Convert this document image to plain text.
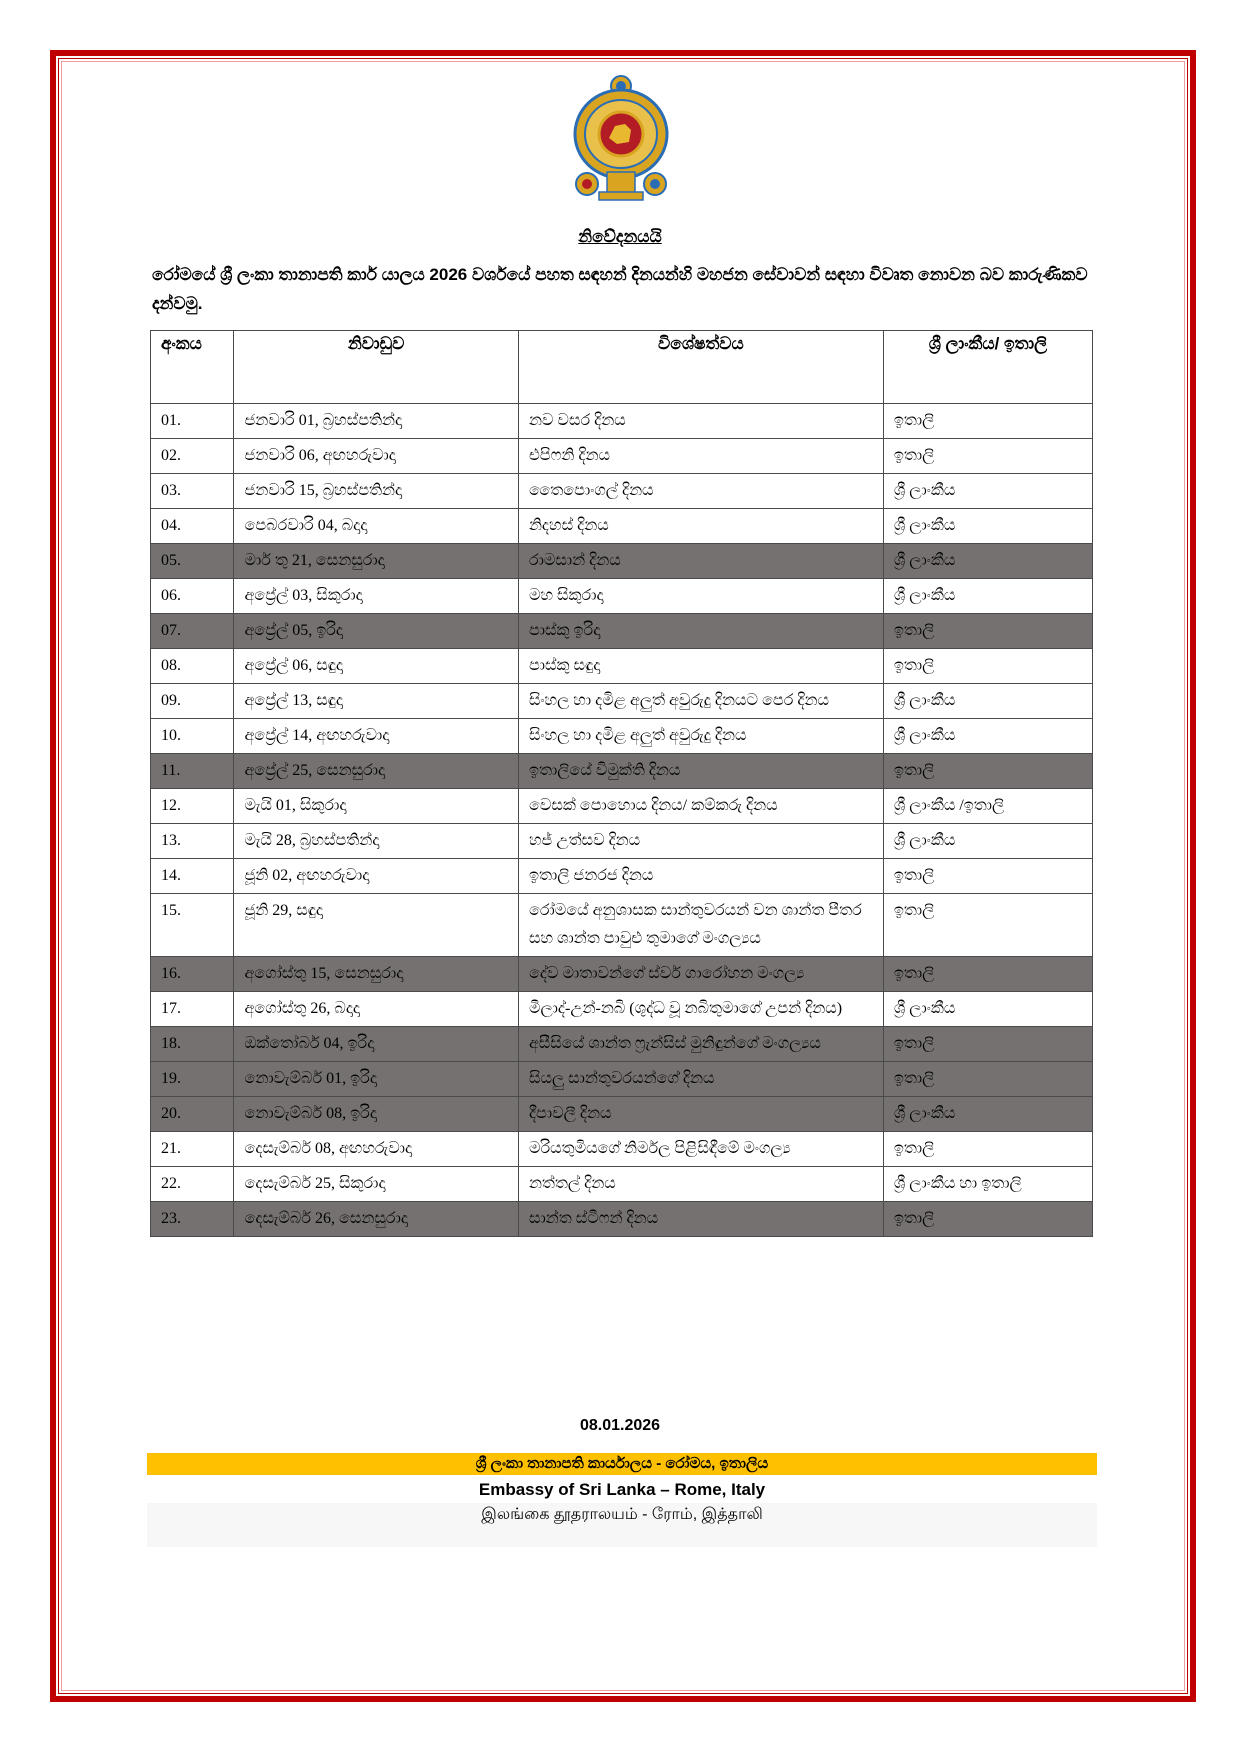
නිවේදනයයි
රෝමයේ ශ්‍රී ලංකා තානාපති කාර් යාලය 2026 වර්ශයේ පහත සඳහන් දිනයන්හි මහජන සේවාවන් සඳහා විවෘත නොවන බව කාරුණිකව දන්වමු.
අංකය	නිවාඩුව	විශේෂත්වය	ශ්‍රී ලාංකීය/ ඉතාලි
01.	ජනවාරි 01, බ්‍රහස්පතින්දා	නව වසර දිනය	ඉතාලි
02.	ජනවාරි 06, අඟහරුවාදා	එපිෆනි දිනය	ඉතාලි
03.	ජනවාරි 15, බ්‍රහස්පතින්දා	තෛපොංගල් දිනය	ශ්‍රී ලාංකීය
04.	පෙබරවාරි 04, බදාදා	නිදහස් දිනය	ශ්‍රී ලාංකීය
05.	මාර් තු 21, සෙනසුරාදා	රාමසාන් දිනය	ශ්‍රී ලාංකීය
06.	අප්‍රේල් 03, සිකුරාදා	මහ සිකුරාදා	ශ්‍රී ලාංකීය
07.	අප්‍රේල් 05, ඉරිදා	පාස්කු ඉරිදා	ඉතාලි
08.	අප්‍රේල් 06, සඳුදා	පාස්කු සඳුදා	ඉතාලි
09.	අප්‍රේල් 13, සඳුදා	සිංහල හා දමිළ අලුත් අවුරුදු දිනයට පෙර දිනය	ශ්‍රී ලාංකීය
10.	අප්‍රේල් 14, අඟහරුවාදා	සිංහල හා දමිළ අලුත් අවුරුදු දිනය	ශ්‍රී ලාංකීය
11.	අප්‍රේල් 25, සෙනසුරාදා	ඉතාලියේ විමුක්ති දිනය	ඉතාලි
12.	මැයි 01, සිකුරාදා	වෙසක් පොහොය දිනය/ කම්කරු දිනය	ශ්‍රී ලාංකීය /ඉතාලි
13.	මැයි 28, බ්‍රහස්පතින්දා	හජ් උත්සව දිනය	ශ්‍රී ලාංකීය
14.	ජූනි 02, අඟහරුවාදා	ඉතාලි ජනරජ දිනය	ඉතාලි
15.	ජූනි 29, සඳුදා	රෝමයේ අනුශාසක සාන්තුවරයන් වන ශාන්ත පීතර සහ ශාන්ත පාවුළු තුමාගේ මංගල්‍යය	ඉතාලි
16.	අගෝස්තු 15, සෙනසුරාදා	දේව මාතාවන්ගේ ස්වර් ගාරෝහන මංගල්‍ය	ඉතාලි
17.	අගෝස්තු 26, බදාදා	මීලාද්-උන්-නබි (ශුද්ධ වූ නබිතුමාගේ උපන් දිනය)	ශ්‍රී ලාංකීය
18.	ඔක්තෝබර් 04, ඉරිදා	අසීසියේ ශාන්ත ෆ්‍රැන්සිස් මුනිඳුන්ගේ මංගල්‍යය	ඉතාලි
19.	නොවැම්බර් 01, ඉරිදා	සියලු සාන්තුවරයන්ගේ දිනය	ඉතාලි
20.	නොවැම්බර් 08, ඉරිදා	දීපාවලී දිනය	ශ්‍රී ලාංකීය
21.	දෙසැම්බර් 08, අඟහරුවාදා	මරියතුමියගේ නිර්මල පිළිසිඳීමේ මංගල්‍ය	ඉතාලි
22.	දෙසැම්බර් 25, සිකුරාදා	නත්තල් දිනය	ශ්‍රී ලාංකීය හා ඉතාලි
23.	දෙසැම්බර් 26, සෙනසුරාදා	සාන්ත ස්ටීෆන් දිනය	ඉතාලි
08.01.2026
ශ්‍රී ලංකා තානාපති කාර්යාලය - රෝමය, ඉතාලිය
Embassy of Sri Lanka – Rome, Italy
இலங்கை தூதராலயம் - ரோம், இத்தாலி
